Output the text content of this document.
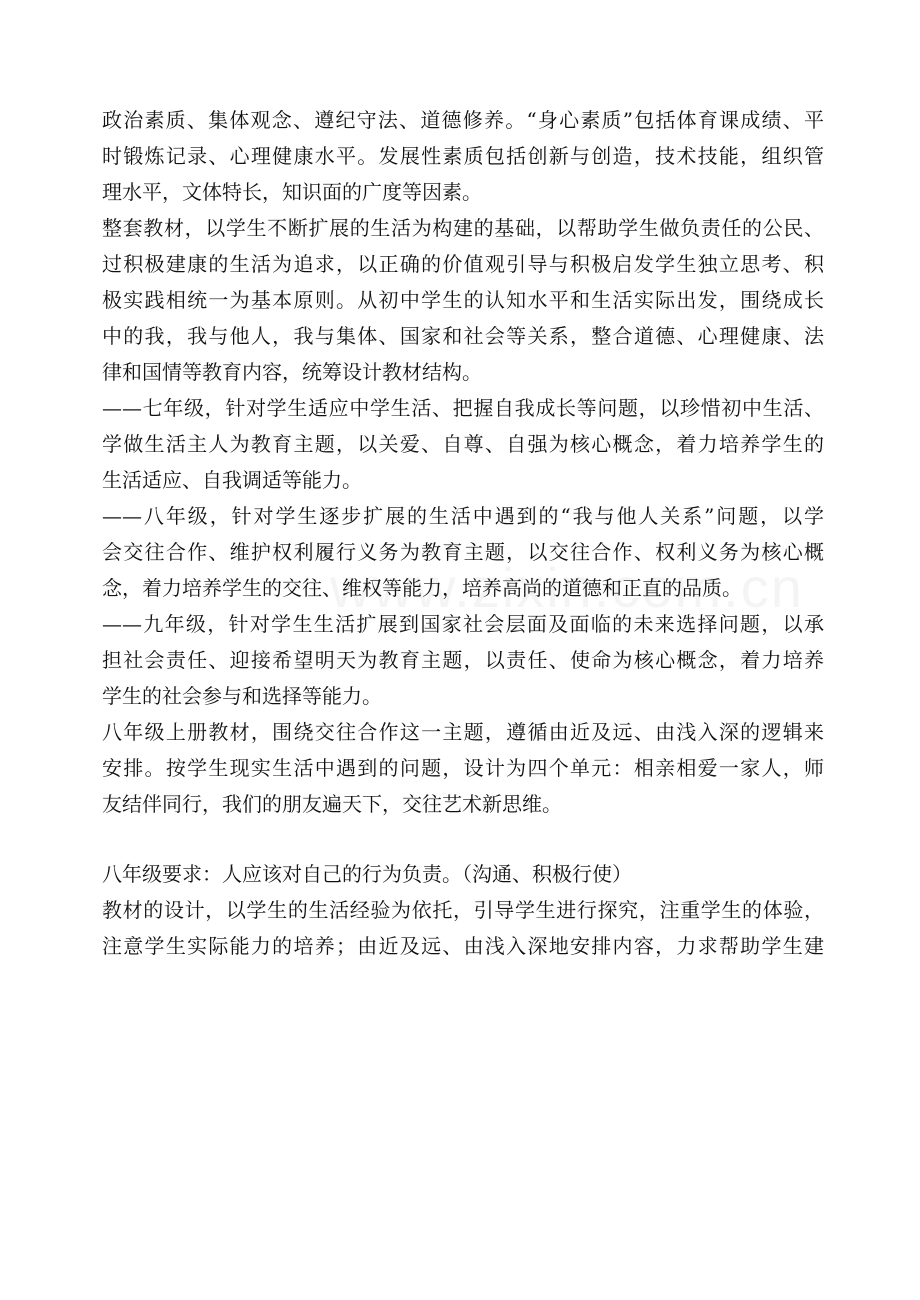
政治素质、集体观念、遵纪守法、道德修养。“身心素质”包括体育课成绩、平
时锻炼记录、心理健康水平。发展性素质包括创新与创造，技术技能，组织管
理水平，文体特长，知识面的广度等因素。
整套教材，以学生不断扩展的生活为构建的基础，以帮助学生做负责任的公民、
过积极建康的生活为追求，以正确的价值观引导与积极启发学生独立思考、积
极实践相统一为基本原则。从初中学生的认知水平和生活实际出发，围绕成长
中的我，我与他人，我与集体、国家和社会等关系，整合道德、心理健康、法
律和国情等教育内容，统筹设计教材结构。
——七年级，针对学生适应中学生活、把握自我成长等问题，以珍惜初中生活、
学做生活主人为教育主题，以关爱、自尊、自强为核心概念，着力培养学生的
生活适应、自我调适等能力。
——八年级，针对学生逐步扩展的生活中遇到的“我与他人关系”问题，以学
会交往合作、维护权利履行义务为教育主题，以交往合作、权利义务为核心概
念，着力培养学生的交往、维权等能力，培养高尚的道德和正直的品质。
——九年级，针对学生生活扩展到国家社会层面及面临的未来选择问题，以承
担社会责任、迎接希望明天为教育主题，以责任、使命为核心概念，着力培养
学生的社会参与和选择等能力。
八年级上册教材，围绕交往合作这一主题，遵循由近及远、由浅入深的逻辑来
安排。按学生现实生活中遇到的问题，设计为四个单元：相亲相爱一家人，师
友结伴同行，我们的朋友遍天下，交往艺术新思维。
八年级要求：人应该对自己的行为负责。（沟通、积极行使）
教材的设计，以学生的生活经验为依托，引导学生进行探究，注重学生的体验，
注意学生实际能力的培养；由近及远、由浅入深地安排内容，力求帮助学生建
